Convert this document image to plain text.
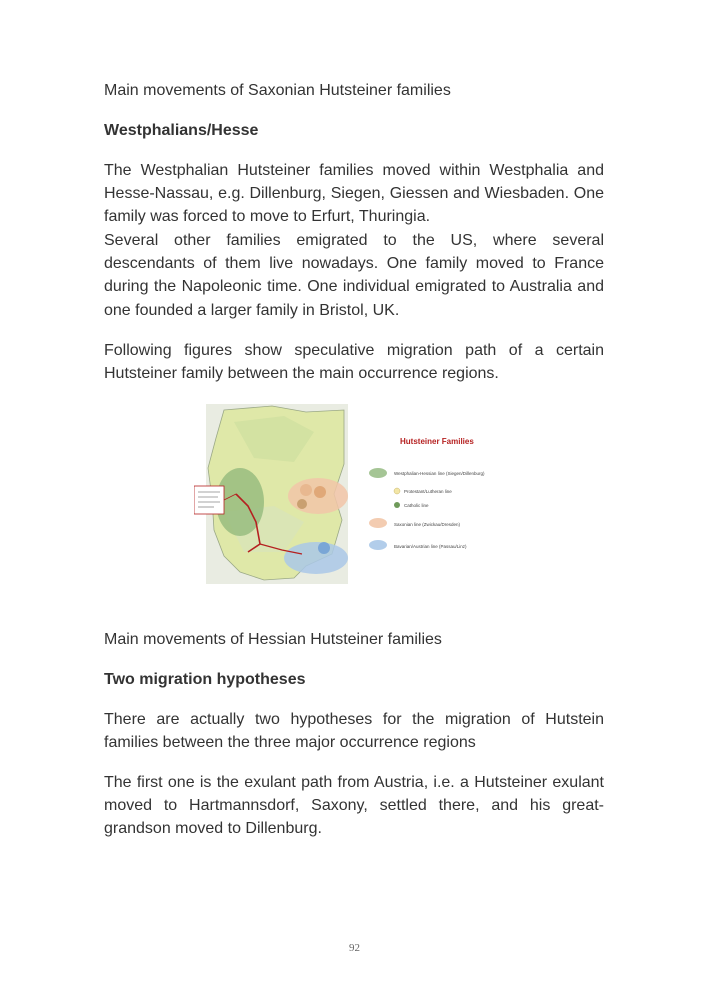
Main movements of Saxonian Hutsteiner families

Westphalians/Hesse

The Westphalian Hutsteiner families moved within Westphalia and Hesse-Nassau, e.g. Dillenburg, Siegen, Giessen and Wiesbaden. One family was forced to move to Erfurt, Thuringia.

Several other families emigrated to the US, where several descendants of them live nowadays. One family moved to France during the Napoleonic time. One individual emigrated to Australia and one founded a larger family in Bristol, UK.

Following figures show speculative migration path of a certain Hutsteiner family between the main occurrence regions.

Hutsteiner Families
Westphalian-Hessian line (Siegen/Dillenburg)
Protestant/Lutheran line
Catholic line
Saxonian line (Zwickau/Dresden)
Bavarian/Austrian line (Passau/Linz)

Main movements of Hessian Hutsteiner families

Two migration hypotheses

There are actually two hypotheses for the migration of Hutstein families between the three major occurrence regions

The first one is the exulant path from Austria, i.e. a Hutsteiner exulant moved to Hartmannsdorf, Saxony, settled there, and his great-grandson moved to Dillenburg.

92
